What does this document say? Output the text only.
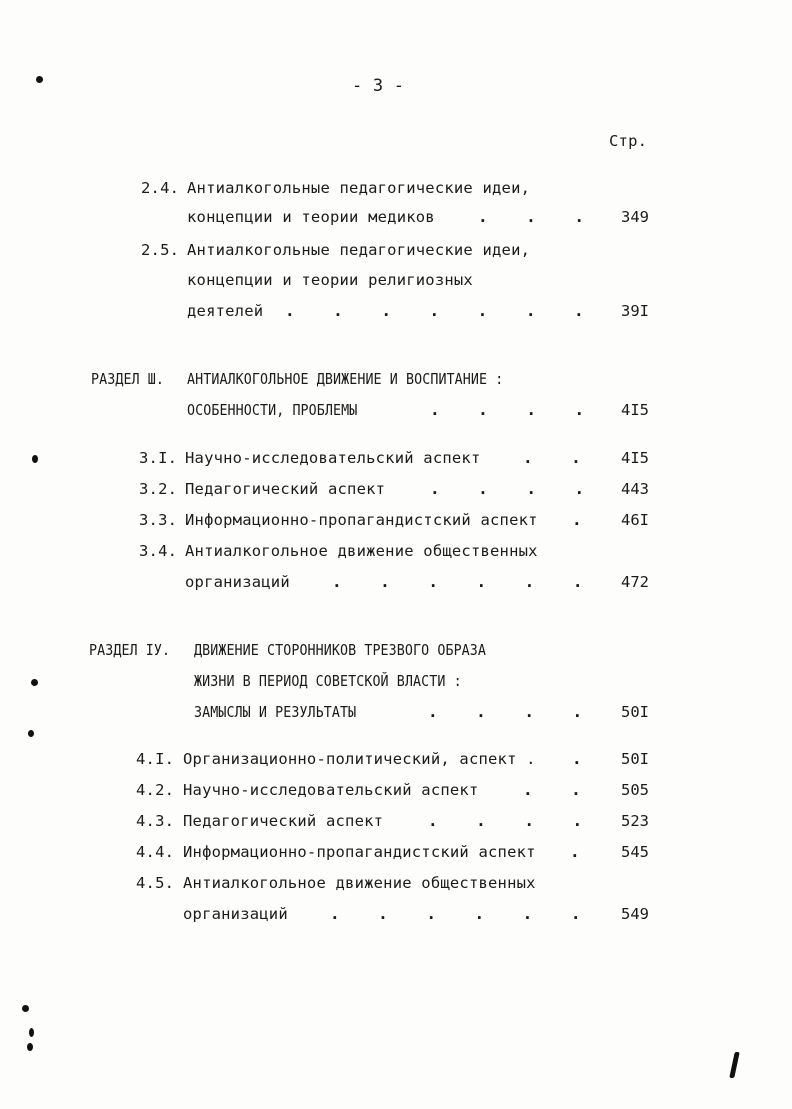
- 3 -
Стр.
2.4. Антиалкогольные педагогические идеи,
концепции и теории медиков	.    .    . 349
2.5. Антиалкогольные педагогические идеи,
концепции и теории религиозных
деятелей .    .    .    .    .    .    . 39I
РАЗДЕЛ Ш. АНТИАЛКОГОЛЬНОЕ ДВИЖЕНИЕ И ВОСПИТАНИЕ :
ОСОБЕННОСТИ, ПРОБЛЕМЫ	.    .    .    . 4I5
3.I. Научно-исследовательский аспект	.    .	4I5
3.2. Педагогический аспект	.    .    .    . 443
3.3. Информационно-пропагандистский аспект .	46I
3.4. Антиалкогольное движение общественных
организаций	.    .    .    .    .    . 472
РАЗДЕЛ IУ. ДВИЖЕНИЕ СТОРОННИКОВ ТРЕЗВОГО ОБРАЗА
ЖИЗНИ В ПЕРИОД СОВЕТСКОЙ ВЛАСТИ :
ЗАМЫСЛЫ И РЕЗУЛЬТАТЫ	.    .    .    .	50I
4.I. Организационно-политический, аспект . .	50I
4.2. Научно-исследовательский аспект	.    .	505
4.3. Педагогический аспект	.    .    .    .	523
4.4. Информационно-пропагандистский аспект .	545
4.5. Антиалкогольное движение общественных
организаций	.    .    .    .    .    .	549
